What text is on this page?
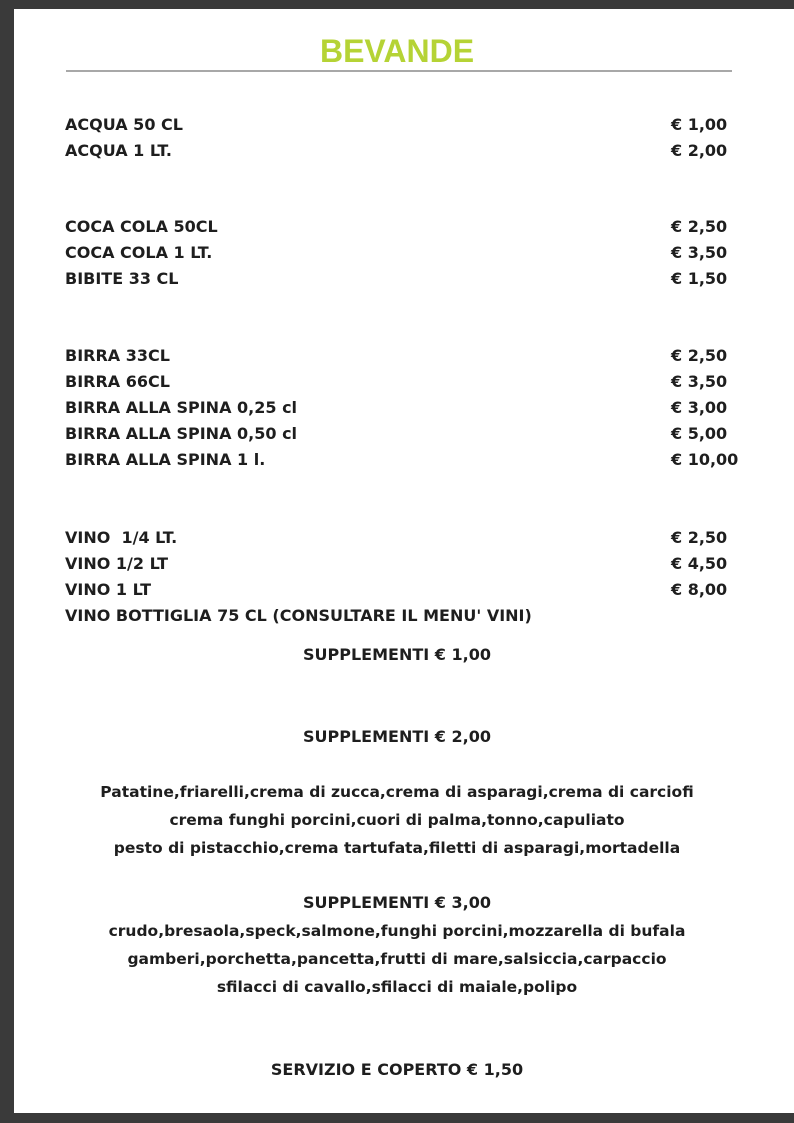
BEVANDE
ACQUA 50 CL	€ 1,00
ACQUA 1 LT.	€ 2,00
COCA COLA 50CL	€ 2,50
COCA COLA 1 LT.	€ 3,50
BIBITE 33 CL	€ 1,50
BIRRA 33CL	€ 2,50
BIRRA 66CL	€ 3,50
BIRRA ALLA SPINA 0,25 cl	€ 3,00
BIRRA ALLA SPINA 0,50 cl	€ 5,00
BIRRA ALLA SPINA 1 l.	€ 10,00
VINO  1/4 LT.	€ 2,50
VINO 1/2 LT	€ 4,50
VINO 1 LT	€ 8,00
VINO BOTTIGLIA 75 CL (CONSULTARE IL MENU' VINI)
SUPPLEMENTI € 1,00
SUPPLEMENTI € 2,00
Patatine,friarelli,crema di zucca,crema di asparagi,crema di carciofi
crema funghi porcini,cuori di palma,tonno,capuliato
pesto di pistacchio,crema tartufata,filetti di asparagi,mortadella
SUPPLEMENTI € 3,00
crudo,bresaola,speck,salmone,funghi porcini,mozzarella di bufala
gamberi,porchetta,pancetta,frutti di mare,salsiccia,carpaccio
sfilacci di cavallo,sfilacci di maiale,polipo
SERVIZIO E COPERTO € 1,50
